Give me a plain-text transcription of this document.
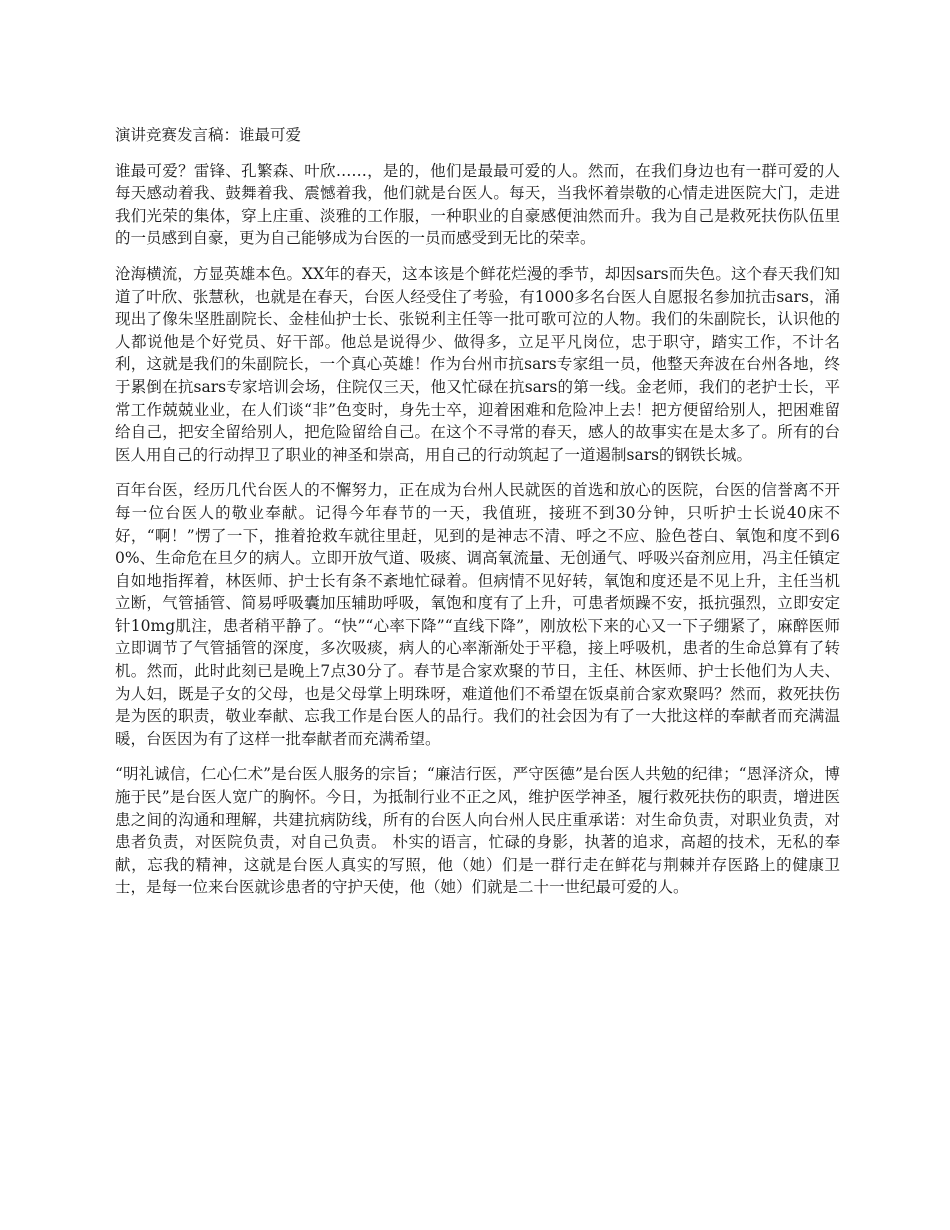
演讲竞赛发言稿：谁最可爱

谁最可爱？雷锋、孔繁森、叶欣……，是的，他们是最最可爱的人。然而，在我们身边也有一群可爱的人每天感动着我、鼓舞着我、震憾着我，他们就是台医人。每天，当我怀着崇敬的心情走进医院大门，走进我们光荣的集体，穿上庄重、淡雅的工作服，一种职业的自豪感便油然而升。我为自己是救死扶伤队伍里的一员感到自豪，更为自己能够成为台医的一员而感受到无比的荣幸。

沧海横流，方显英雄本色。XX年的春天，这本该是个鲜花烂漫的季节，却因sars而失色。这个春天我们知道了叶欣、张慧秋，也就是在春天，台医人经受住了考验，有1000多名台医人自愿报名参加抗击sars，涌现出了像朱坚胜副院长、金桂仙护士长、张锐利主任等一批可歌可泣的人物。我们的朱副院长，认识他的人都说他是个好党员、好干部。他总是说得少、做得多，立足平凡岗位，忠于职守，踏实工作，不计名利，这就是我们的朱副院长，一个真心英雄！作为台州市抗sars专家组一员，他整天奔波在台州各地，终于累倒在抗sars专家培训会场，住院仅三天，他又忙碌在抗sars的第一线。金老师，我们的老护士长，平常工作兢兢业业，在人们谈“非”色变时，身先士卒，迎着困难和危险冲上去！把方便留给别人，把困难留给自己，把安全留给别人，把危险留给自己。在这个不寻常的春天，感人的故事实在是太多了。所有的台医人用自己的行动捍卫了职业的神圣和崇高，用自己的行动筑起了一道遏制sars的钢铁长城。

百年台医，经历几代台医人的不懈努力，正在成为台州人民就医的首选和放心的医院，台医的信誉离不开每一位台医人的敬业奉献。记得今年春节的一天，我值班，接班不到30分钟，只听护士长说40床不好，“啊！”愣了一下，推着抢救车就往里赶，见到的是神志不清、呼之不应、脸色苍白、氧饱和度不到60%、生命危在旦夕的病人。立即开放气道、吸痰、调高氧流量、无创通气、呼吸兴奋剂应用，冯主任镇定自如地指挥着，林医师、护士长有条不紊地忙碌着。但病情不见好转，氧饱和度还是不见上升，主任当机立断，气管插管、简易呼吸囊加压辅助呼吸，氧饱和度有了上升，可患者烦躁不安，抵抗强烈，立即安定针10mg肌注，患者稍平静了。“快”“心率下降”“直线下降”，刚放松下来的心又一下子绷紧了，麻醉医师立即调节了气管插管的深度，多次吸痰，病人的心率渐渐处于平稳，接上呼吸机，患者的生命总算有了转机。然而，此时此刻已是晚上7点30分了。春节是合家欢聚的节日，主任、林医师、护士长他们为人夫、为人妇，既是子女的父母，也是父母掌上明珠呀，难道他们不希望在饭桌前合家欢聚吗？然而，救死扶伤是为医的职责，敬业奉献、忘我工作是台医人的品行。我们的社会因为有了一大批这样的奉献者而充满温暖，台医因为有了这样一批奉献者而充满希望。

“明礼诚信，仁心仁术”是台医人服务的宗旨；“廉洁行医，严守医德”是台医人共勉的纪律；“恩泽济众，博施于民”是台医人宽广的胸怀。今日，为抵制行业不正之风，维护医学神圣，履行救死扶伤的职责，增进医患之间的沟通和理解，共建抗病防线，所有的台医人向台州人民庄重承诺：对生命负责，对职业负责，对患者负责，对医院负责，对自己负责。 朴实的语言，忙碌的身影，执著的追求，高超的技术，无私的奉献，忘我的精神，这就是台医人真实的写照，他（她）们是一群行走在鲜花与荆棘并存医路上的健康卫士，是每一位来台医就诊患者的守护天使，他（她）们就是二十一世纪最可爱的人。
